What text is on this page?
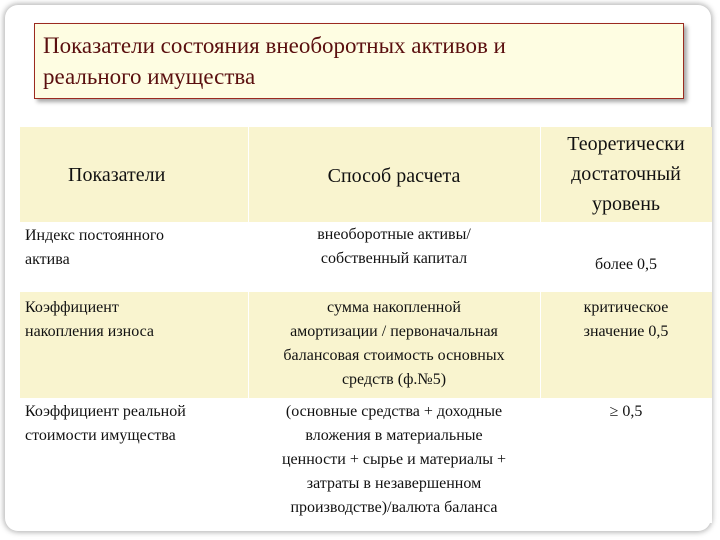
Показатели состояния внеоборотных активов и
реального имущества
Показатели	Способ расчета
Теоретически
достаточный
уровень
Индекс постоянного
актива
внеоборотные активы/
собственный капитал	более 0,5
Коэффициент
накопления износа
сумма накопленной
амортизации / первоначальная
балансовая стоимость основных
средств (ф.№5)
критическое
значение 0,5
Коэффициент реальной
стоимости имущества
(основные средства + доходные
вложения в материальные
ценности + сырье и материалы +
затраты в незавершенном
производстве)/валюта баланса
≥ 0,5
